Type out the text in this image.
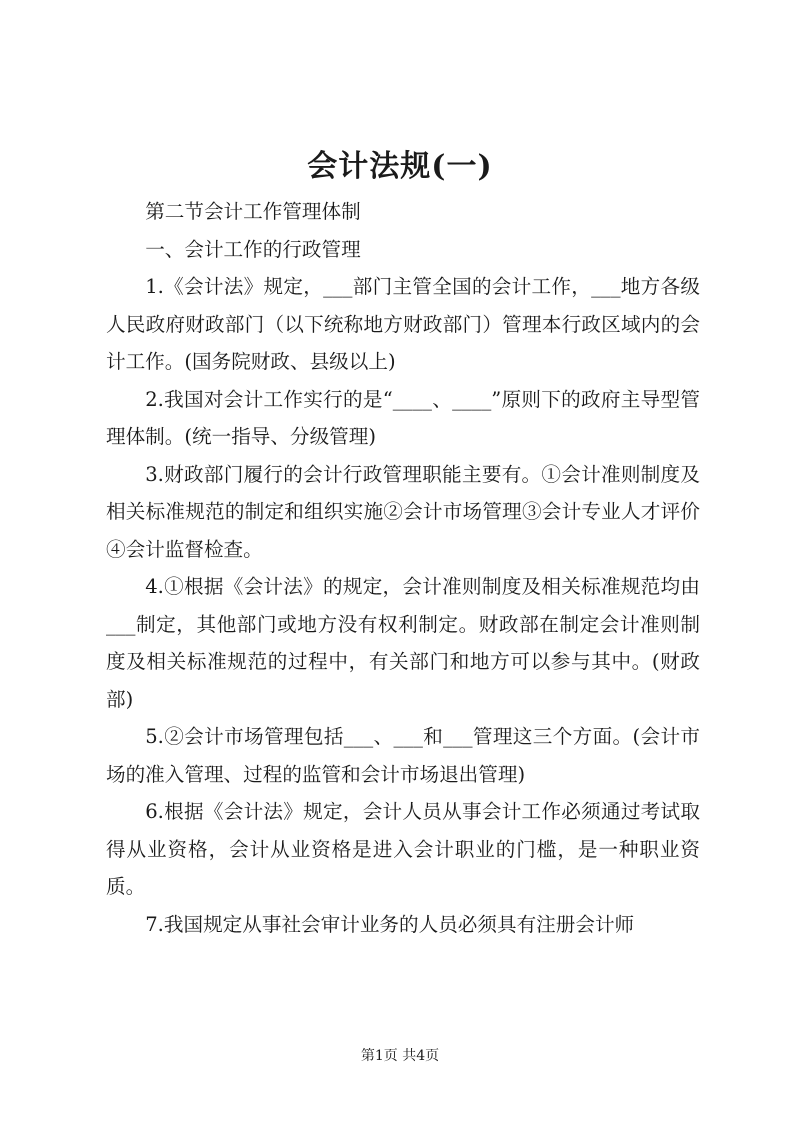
会计法规(一)

第二节会计工作管理体制

一、会计工作的行政管理

1.《会计法》规定，___部门主管全国的会计工作，___地方各级人民政府财政部门（以下统称地方财政部门）管理本行政区域内的会计工作。(国务院财政、县级以上)

2.我国对会计工作实行的是“____、____”原则下的政府主导型管理体制。(统一指导、分级管理)

3.财政部门履行的会计行政管理职能主要有。①会计准则制度及相关标准规范的制定和组织实施②会计市场管理③会计专业人才评价④会计监督检查。

4.①根据《会计法》的规定，会计准则制度及相关标准规范均由___制定，其他部门或地方没有权利制定。财政部在制定会计准则制度及相关标准规范的过程中，有关部门和地方可以参与其中。(财政部)

5.②会计市场管理包括___、___和___管理这三个方面。(会计市场的准入管理、过程的监管和会计市场退出管理)

6.根据《会计法》规定，会计人员从事会计工作必须通过考试取得从业资格，会计从业资格是进入会计职业的门槛，是一种职业资质。

7.我国规定从事社会审计业务的人员必须具有注册会计师

第1页 共4页
